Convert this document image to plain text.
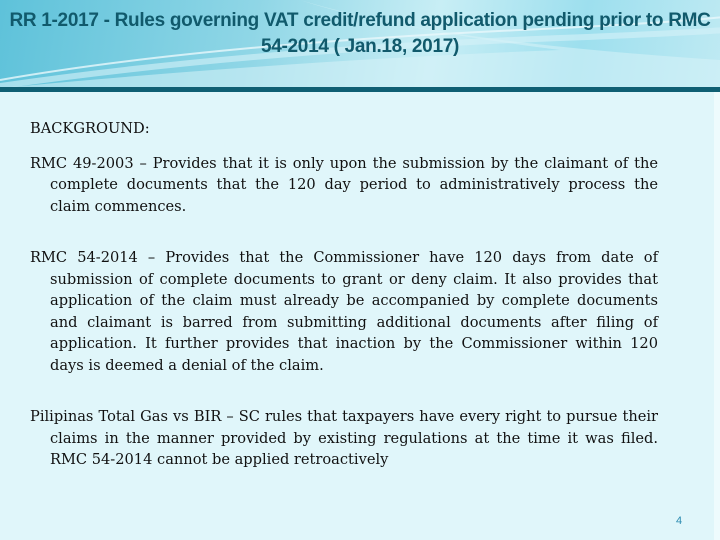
RR 1-2017 - Rules governing VAT credit/refund application pending prior to RMC 54-2014 ( Jan.18, 2017)

BACKGROUND:

RMC 49-2003 – Provides that it is only upon the submission by the claimant of the complete documents that the 120 day period to administratively process the claim commences.

RMC 54-2014 – Provides that the Commissioner have 120 days from date of submission of complete documents to grant or deny claim. It also provides that application of the claim must already be accompanied by complete documents and claimant is barred from submitting additional documents after filing of application. It further provides that inaction by the Commissioner within 120 days is deemed a denial of the claim.

Pilipinas Total Gas vs BIR – SC rules that taxpayers have every right to pursue their claims in the manner provided by existing regulations at the time it was filed. RMC 54-2014 cannot be applied retroactively

4
